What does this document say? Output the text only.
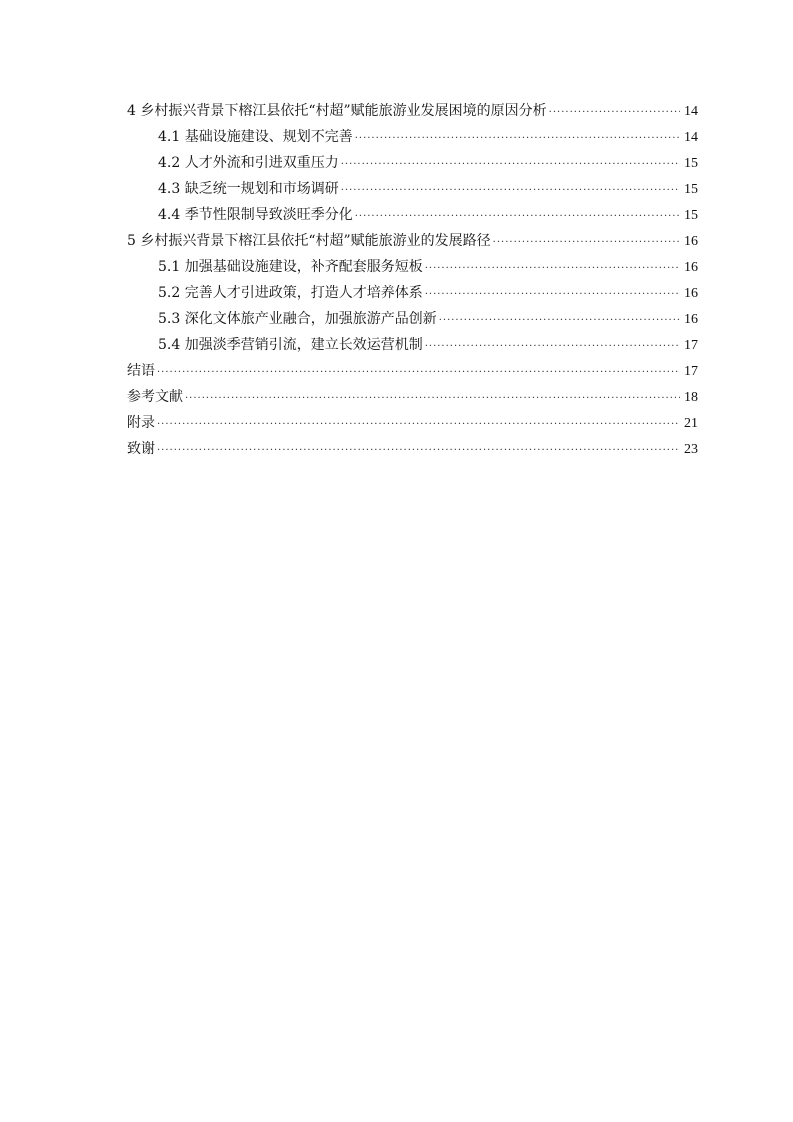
4 乡村振兴背景下榕江县依托“村超”赋能旅游业发展困境的原因分析 ·····	14
4.1 基础设施建设、规划不完善 ·····	14
4.2 人才外流和引进双重压力 ·····	15
4.3 缺乏统一规划和市场调研 ·····	15
4.4 季节性限制导致淡旺季分化 ·····	15
5 乡村振兴背景下榕江县依托“村超”赋能旅游业的发展路径 ·····	16
5.1 加强基础设施建设，补齐配套服务短板 ·····	16
5.2 完善人才引进政策，打造人才培养体系 ·····	16
5.3 深化文体旅产业融合，加强旅游产品创新 ·····	16
5.4 加强淡季营销引流，建立长效运营机制 ·····	17
结语 ·····	17
参考文献 ·····	18
附录 ·····	21
致谢 ·····	23
